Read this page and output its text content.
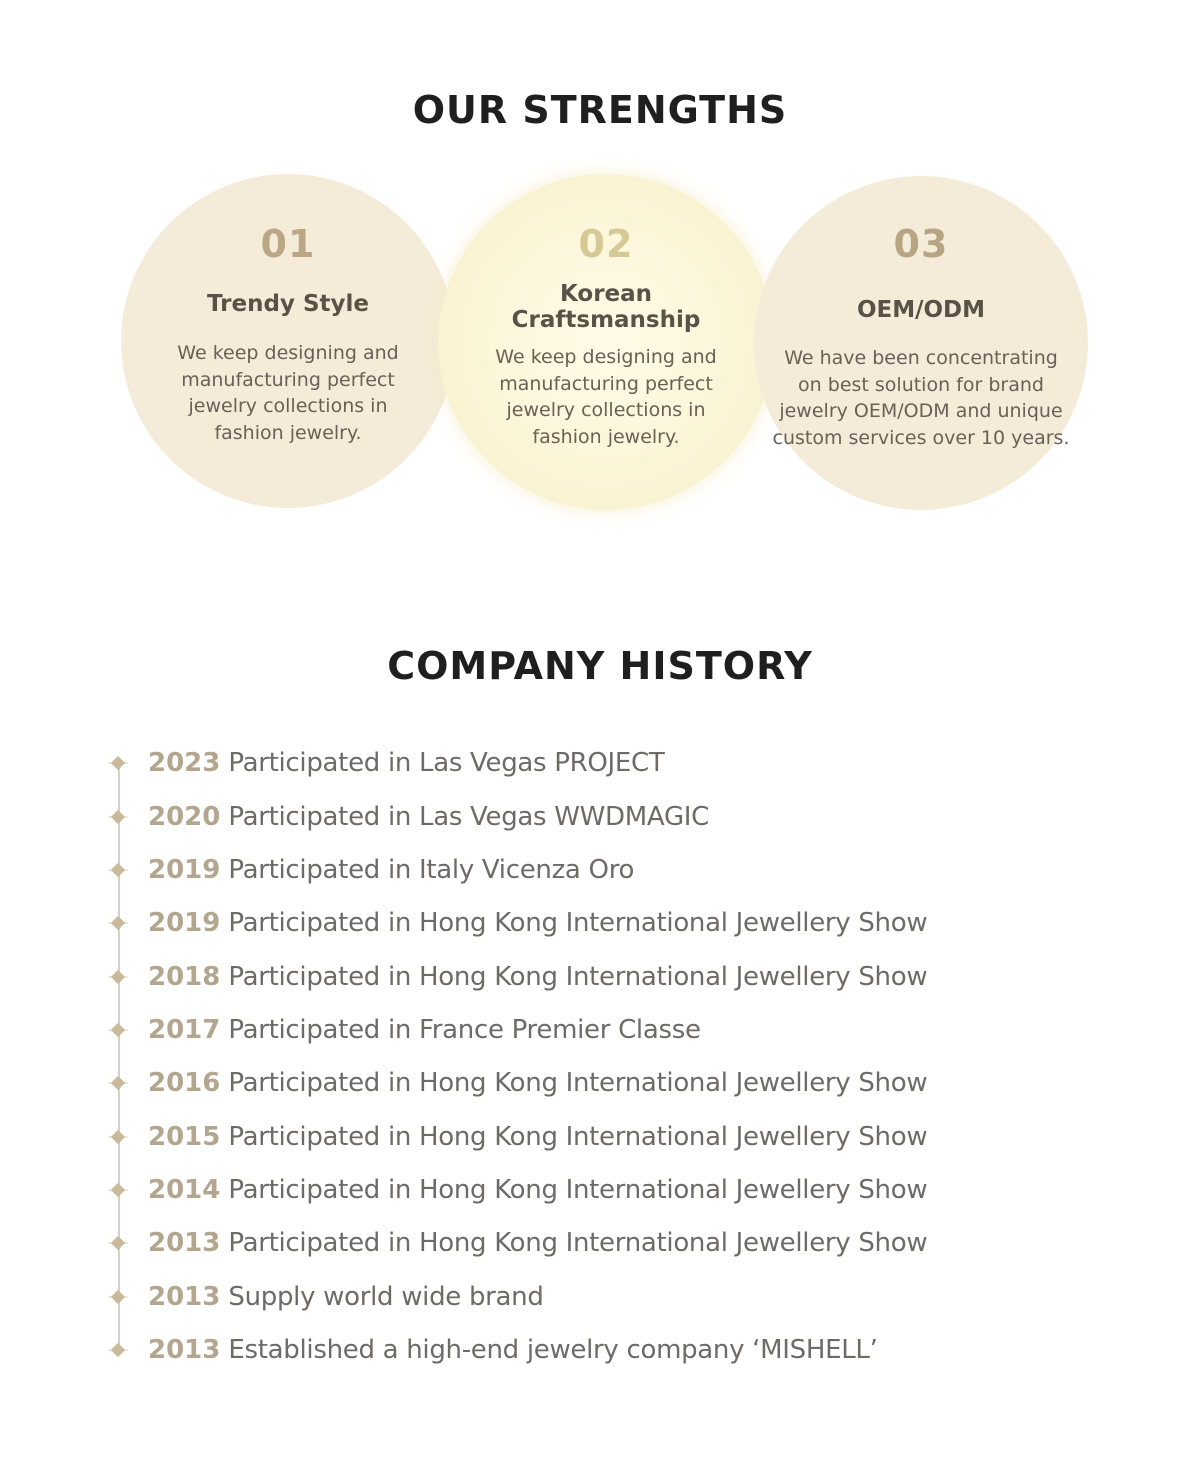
OUR STRENGTHS
01
Trendy Style
We keep designing and manufacturing perfect jewelry collections in fashion jewelry.
02
Korean Craftsmanship
We keep designing and manufacturing perfect jewelry collections in fashion jewelry.
03
OEM/ODM
We have been concentrating on best solution for brand jewelry OEM/ODM and unique custom services over 10 years.
COMPANY HISTORY
2023 Participated in Las Vegas PROJECT
2020 Participated in Las Vegas WWDMAGIC
2019 Participated in Italy Vicenza Oro
2019 Participated in Hong Kong International Jewellery Show
2018 Participated in Hong Kong International Jewellery Show
2017 Participated in France Premier Classe
2016 Participated in Hong Kong International Jewellery Show
2015 Participated in Hong Kong International Jewellery Show
2014 Participated in Hong Kong International Jewellery Show
2013 Participated in Hong Kong International Jewellery Show
2013 Supply world wide brand
2013 Established a high-end jewelry company ‘MISHELL’
